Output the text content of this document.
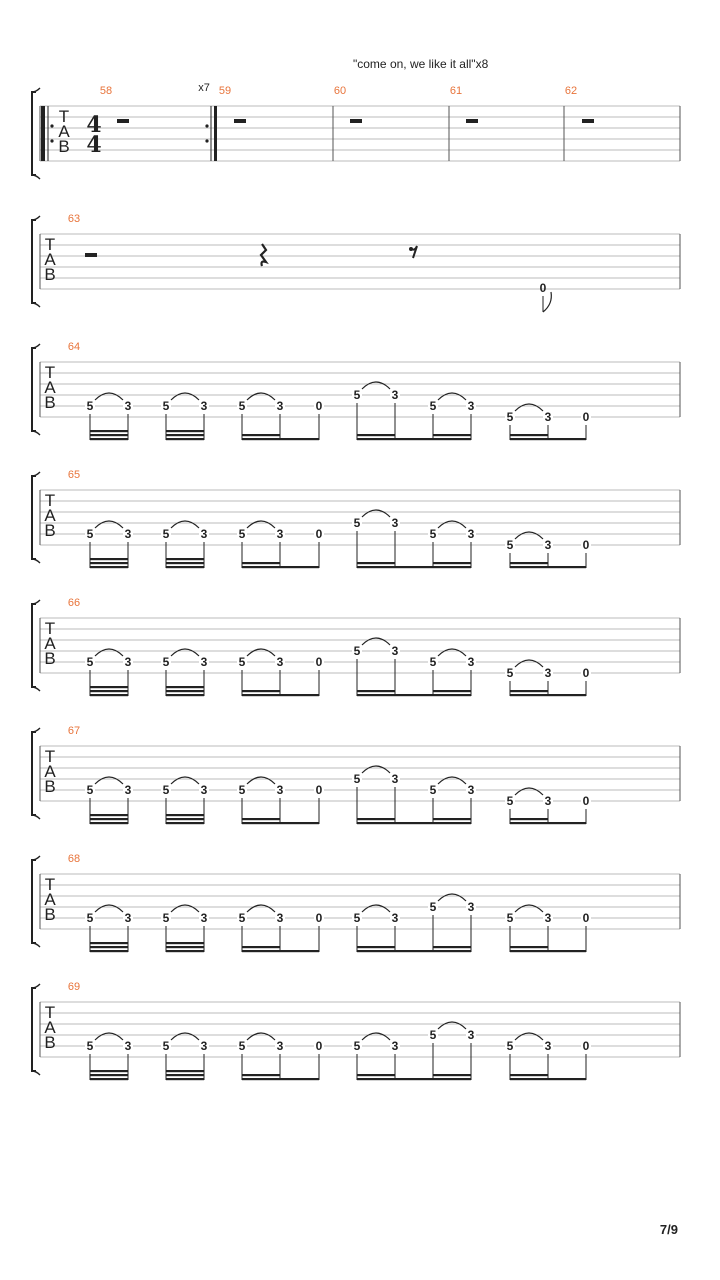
T
A
B
4
4
x7
58	59	60	61	62
T
A
B
63
0
T
A
B
64
5	3	5	3	5	3	0
5	3
5	3
5	3	0
T
A
B
65
5	3	5	3	5	3	0
5	3
5	3
5	3	0
T
A
B
66
5	3	5	3	5	3	0
5	3
5	3
5	3	0
T
A
B
67
5	3	5	3	5	3	0
5	3
5	3
5	3	0
T
A
B
68
5	3	5	3	5	3	0	5	3
5	3
5	3	0
T
A
B
69
5	3	5	3	5	3	0	5	3
5	3
5	3	0
"come on, we like it all"x8
7/9
